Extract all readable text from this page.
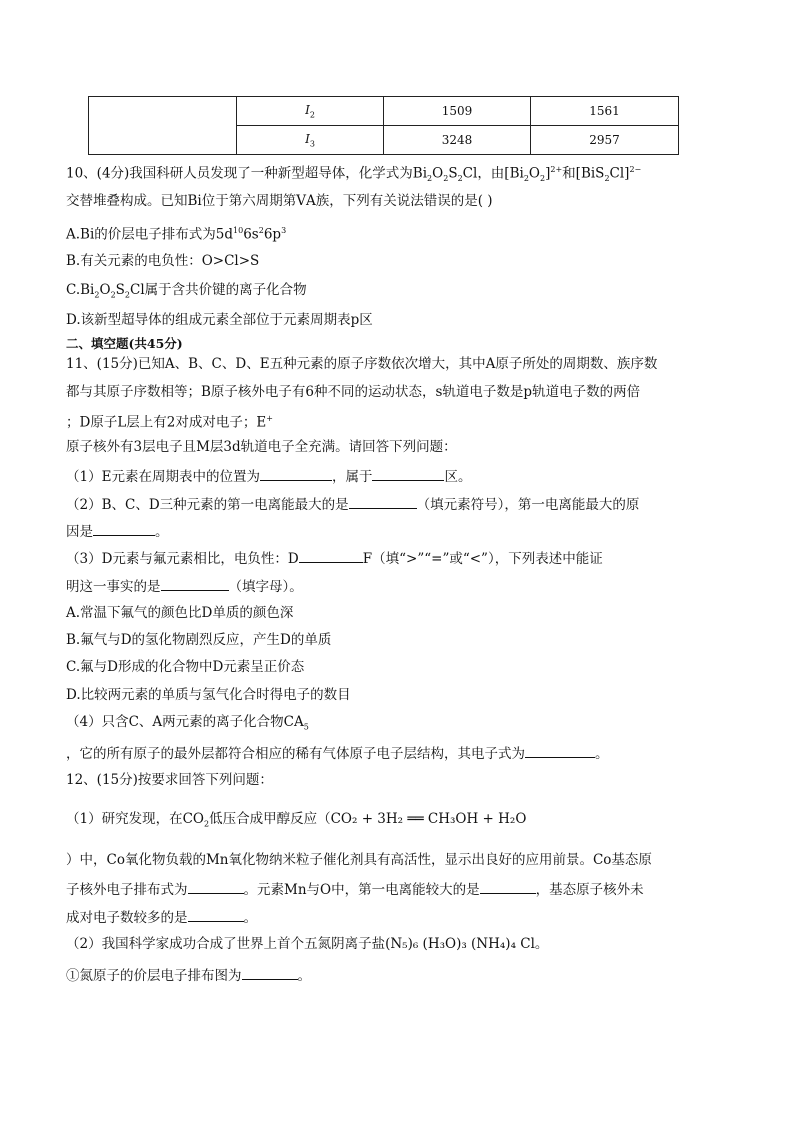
	$I_2$	1509	1561
	$I_3$	3248	2957
10、(4分)我国科研人员发现了一种新型超导体，化学式为$Bi_2O_2S_2Cl$，由$[Bi_2O_2]^{2+}$和$[BiS_2Cl]^{2-}$
交替堆叠构成。已知Bi位于第六周期第ⅤA族，下列有关说法错误的是( )
A.Bi的价层电子排布式为$5d^{10}6s^26p^3$
B.有关元素的电负性：O>Cl>S
$C.Bi_2O_2S_2Cl$属于含共价键的离子化合物
D.该新型超导体的组成元素全部位于元素周期表p区
二、填空题(共45分)
11、(15分)已知A、B、C、D、E五种元素的原子序数依次增大，其中A原子所处的周期数、族序数
都与其原子序数相等；B原子核外电子有6种不同的运动状态，s轨道电子数是p轨道电子数的两倍
；D原子L层上有2对成对电子；E+
原子核外有3层电子且M层3d轨道电子全充满。请回答下列问题：
（1）E元素在周期表中的位置为	，属于	区。
（2）B、C、D三种元素的第一电离能最大的是	（填元素符号），第一电离能最大的原
因是	。
（3）D元素与氟元素相比，电负性：D	F（填“>”“=”或“<”），下列表述中能证
明这一事实的是	（填字母）。
A.常温下氟气的颜色比D单质的颜色深
B.氟气与D的氢化物剧烈反应，产生D的单质
C.氟与D形成的化合物中D元素呈正价态
D.比较两元素的单质与氢气化合时得电子的数目
（4）只含C、A两元素的离子化合物$CA_5$
，它的所有原子的最外层都符合相应的稀有气体原子电子层结构，其电子式为	。
12、(15分)按要求回答下列问题：
（1）研究发现，在$CO_2$低压合成甲醇反应（CO₂ + 3H₂ ══ CH₃OH + H₂O
）中，Co氧化物负载的Mn氧化物纳米粒子催化剂具有高活性，显示出良好的应用前景。Co基态原
子核外电子排布式为	。元素Mn与O中，第一电离能较大的是	，基态原子核外未
成对电子数较多的是	。
（2）我国科学家成功合成了世界上首个五氮阴离子盐(N₅)₆ (H₃O)₃ (NH₄)₄ Cl。
①氮原子的价层电子排布图为	。
